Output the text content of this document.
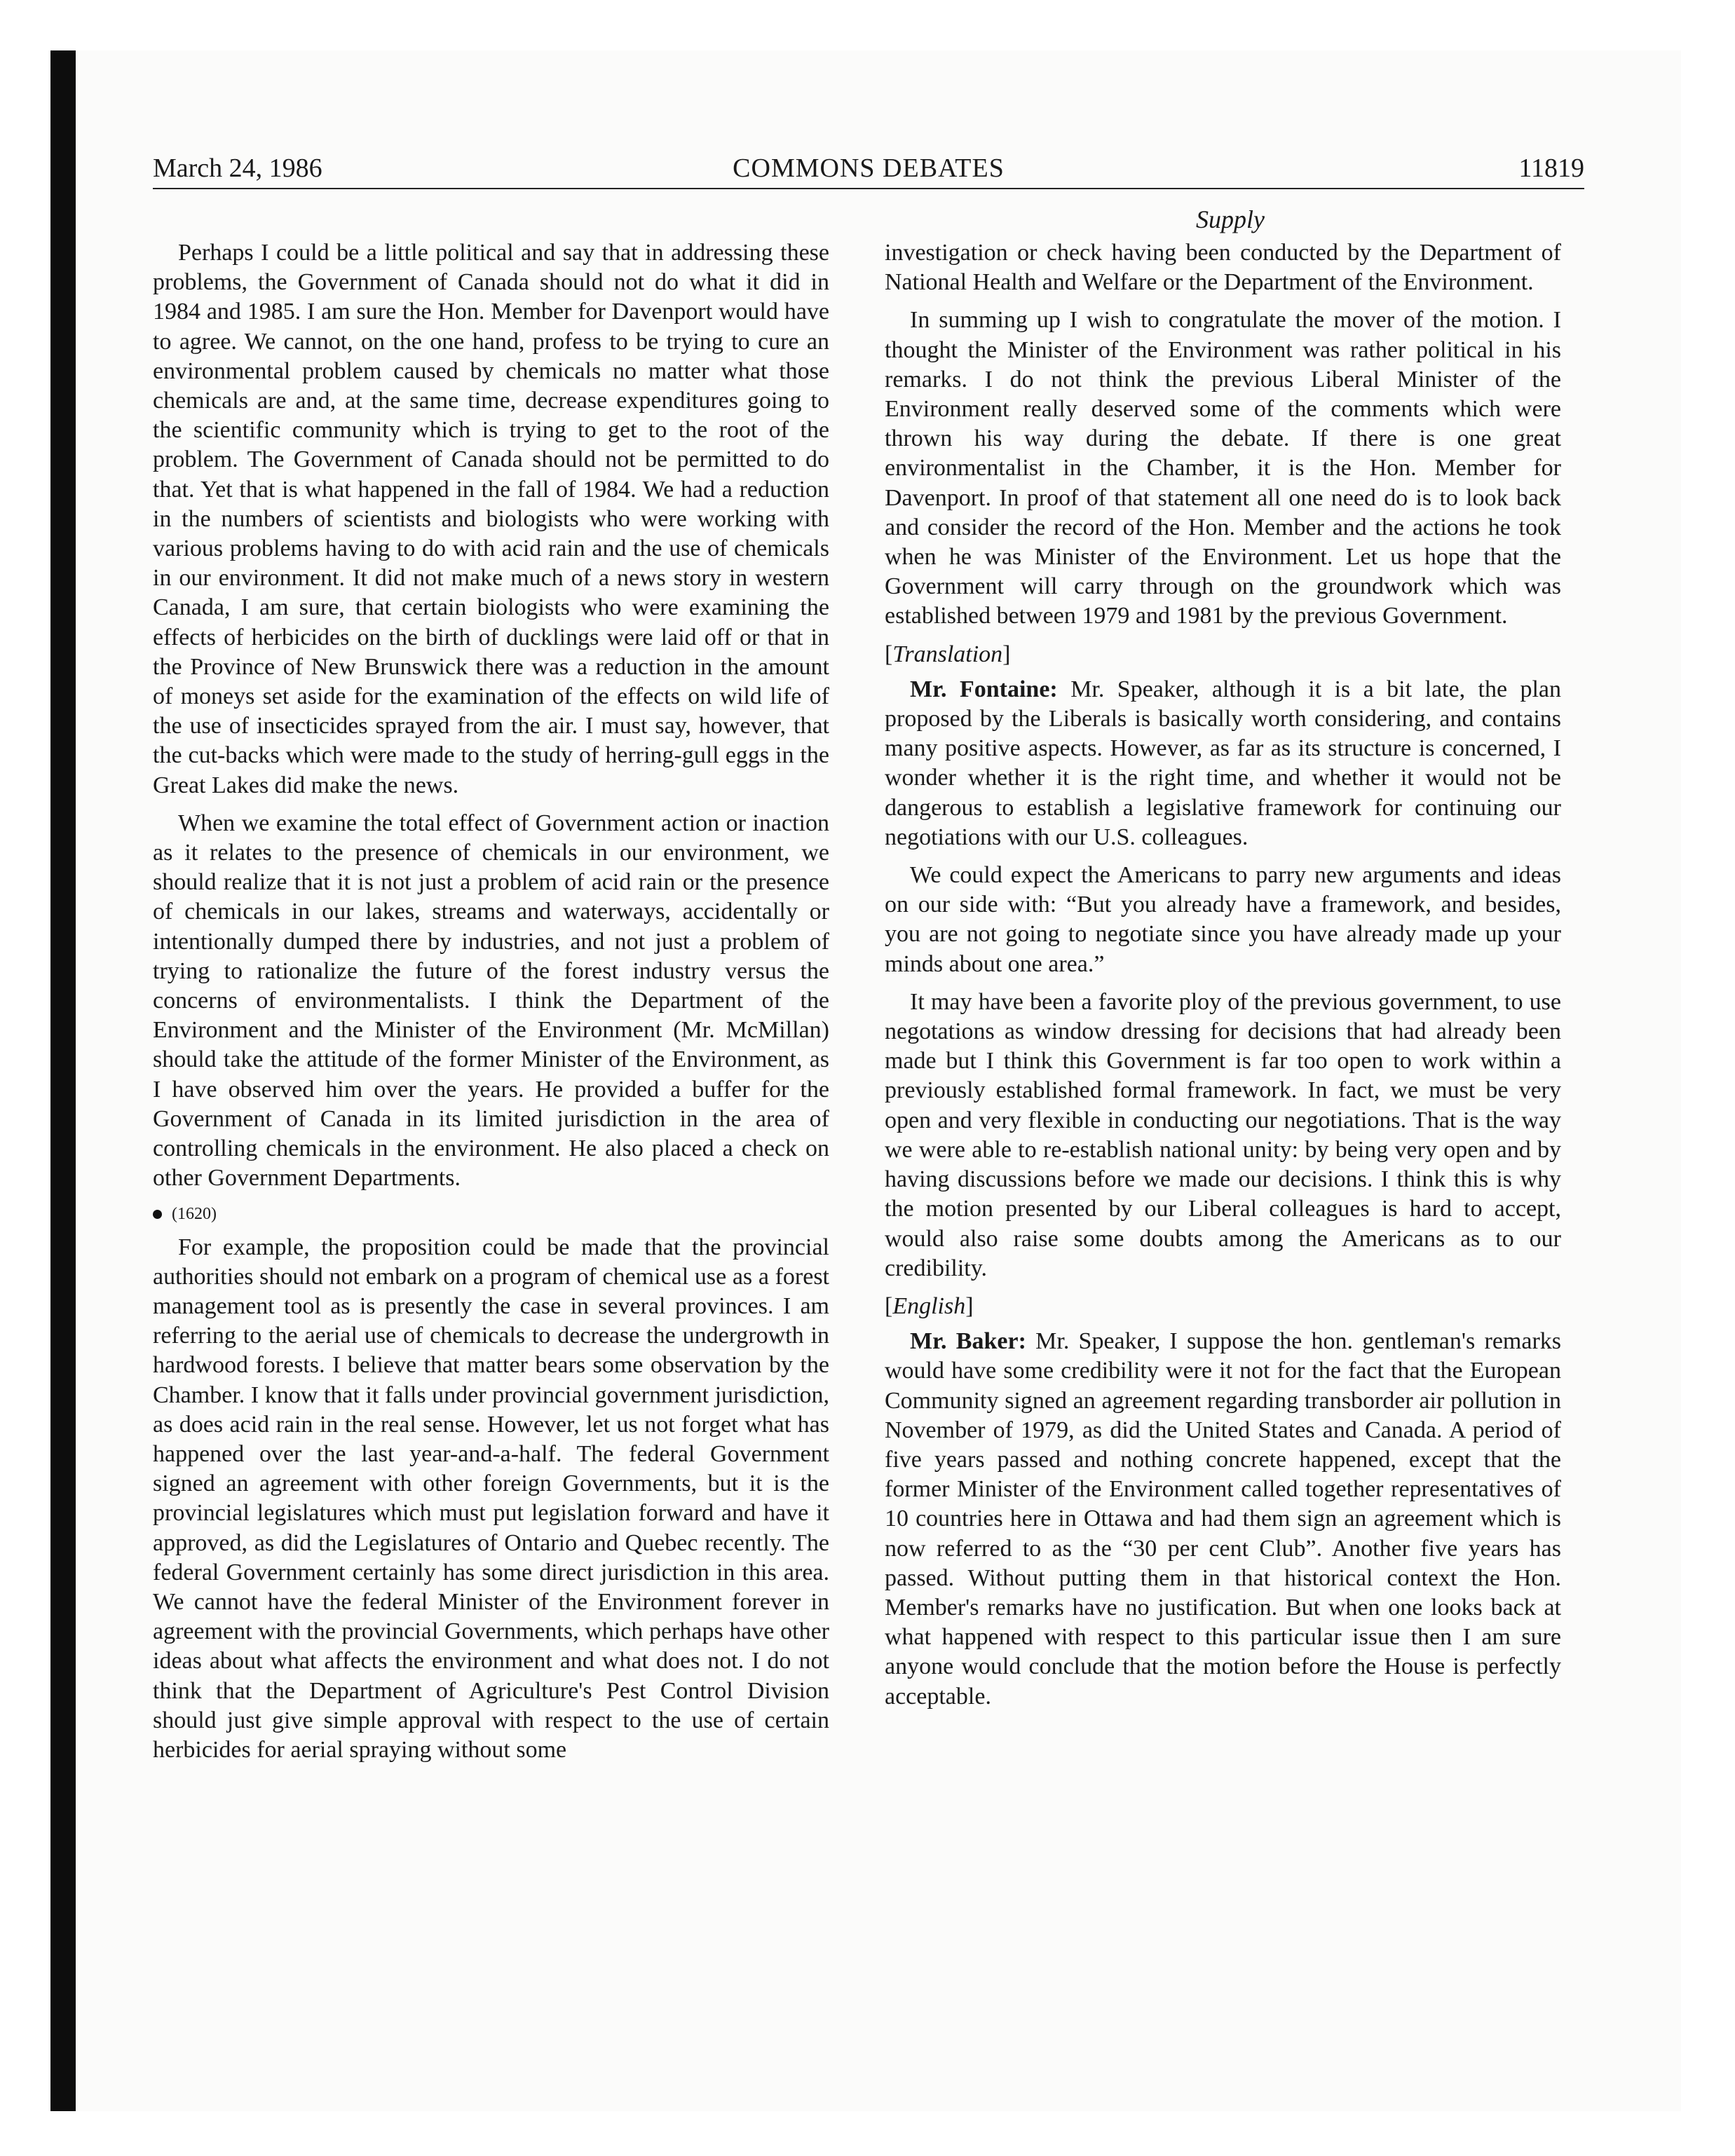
March 24, 1986	COMMONS DEBATES	11819
Supply

Perhaps I could be a little political and say that in addressing these problems, the Government of Canada should not do what it did in 1984 and 1985. I am sure the Hon. Member for Davenport would have to agree. We cannot, on the one hand, profess to be trying to cure an environmental problem caused by chemicals no matter what those chemicals are and, at the same time, decrease expenditures going to the scientific community which is trying to get to the root of the problem. The Government of Canada should not be permitted to do that. Yet that is what happened in the fall of 1984. We had a reduction in the numbers of scientists and biologists who were working with various problems having to do with acid rain and the use of chemicals in our environment. It did not make much of a news story in western Canada, I am sure, that certain biologists who were examining the effects of herbicides on the birth of ducklings were laid off or that in the Province of New Brunswick there was a reduction in the amount of moneys set aside for the examination of the effects on wild life of the use of insecticides sprayed from the air. I must say, however, that the cut-backs which were made to the study of herring-gull eggs in the Great Lakes did make the news.

When we examine the total effect of Government action or inaction as it relates to the presence of chemicals in our environment, we should realize that it is not just a problem of acid rain or the presence of chemicals in our lakes, streams and waterways, accidentally or intentionally dumped there by industries, and not just a problem of trying to rationalize the future of the forest industry versus the concerns of environmentalists. I think the Department of the Environment and the Minister of the Environment (Mr. McMillan) should take the attitude of the former Minister of the Environment, as I have observed him over the years. He provided a buffer for the Government of Canada in its limited jurisdiction in the area of controlling chemicals in the environment. He also placed a check on other Government Departments.

(1620)

For example, the proposition could be made that the provincial authorities should not embark on a program of chemical use as a forest management tool as is presently the case in several provinces. I am referring to the aerial use of chemicals to decrease the undergrowth in hardwood forests. I believe that matter bears some observation by the Chamber. I know that it falls under provincial government jurisdiction, as does acid rain in the real sense. However, let us not forget what has happened over the last year-and-a-half. The federal Government signed an agreement with other foreign Governments, but it is the provincial legislatures which must put legislation forward and have it approved, as did the Legislatures of Ontario and Quebec recently. The federal Government certainly has some direct jurisdiction in this area. We cannot have the federal Minister of the Environment forever in agreement with the provincial Governments, which perhaps have other ideas about what affects the environment and what does not. I do not think that the Department of Agriculture's Pest Control Division should just give simple approval with respect to the use of certain herbicides for aerial spraying without some

investigation or check having been conducted by the Department of National Health and Welfare or the Department of the Environment.

In summing up I wish to congratulate the mover of the motion. I thought the Minister of the Environment was rather political in his remarks. I do not think the previous Liberal Minister of the Environment really deserved some of the comments which were thrown his way during the debate. If there is one great environmentalist in the Chamber, it is the Hon. Member for Davenport. In proof of that statement all one need do is to look back and consider the record of the Hon. Member and the actions he took when he was Minister of the Environment. Let us hope that the Government will carry through on the groundwork which was established between 1979 and 1981 by the previous Government.

[Translation]

Mr. Fontaine: Mr. Speaker, although it is a bit late, the plan proposed by the Liberals is basically worth considering, and contains many positive aspects. However, as far as its structure is concerned, I wonder whether it is the right time, and whether it would not be dangerous to establish a legislative framework for continuing our negotiations with our U.S. colleagues.

We could expect the Americans to parry new arguments and ideas on our side with: “But you already have a framework, and besides, you are not going to negotiate since you have already made up your minds about one area.”

It may have been a favorite ploy of the previous government, to use negotations as window dressing for decisions that had already been made but I think this Government is far too open to work within a previously established formal framework. In fact, we must be very open and very flexible in conducting our negotiations. That is the way we were able to re-establish national unity: by being very open and by having discussions before we made our decisions. I think this is why the motion presented by our Liberal colleagues is hard to accept, would also raise some doubts among the Americans as to our credibility.

[English]

Mr. Baker: Mr. Speaker, I suppose the hon. gentleman's remarks would have some credibility were it not for the fact that the European Community signed an agreement regarding transborder air pollution in November of 1979, as did the United States and Canada. A period of five years passed and nothing concrete happened, except that the former Minister of the Environment called together representatives of 10 countries here in Ottawa and had them sign an agreement which is now referred to as the “30 per cent Club”. Another five years has passed. Without putting them in that historical context the Hon. Member's remarks have no justification. But when one looks back at what happened with respect to this particular issue then I am sure anyone would conclude that the motion before the House is perfectly acceptable.
